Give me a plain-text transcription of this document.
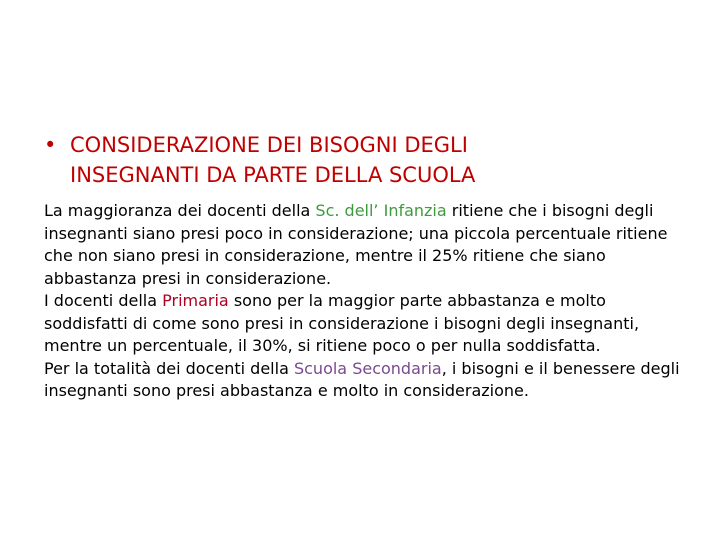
• CONSIDERAZIONE DEI BISOGNI DEGLI
INSEGNANTI DA PARTE DELLA SCUOLA

La maggioranza dei docenti della Sc. dell’ Infanzia ritiene che i bisogni degli insegnanti siano presi poco in considerazione; una piccola percentuale ritiene che non siano presi in considerazione, mentre il 25% ritiene che siano abbastanza presi in considerazione.

I docenti della Primaria sono per la maggior parte abbastanza e molto soddisfatti di come sono presi in considerazione i bisogni degli insegnanti, mentre un percentuale, il 30%, si ritiene poco o per nulla soddisfatta.

Per la totalità dei docenti della Scuola Secondaria, i bisogni e il benessere degli insegnanti sono presi abbastanza e molto in considerazione.
